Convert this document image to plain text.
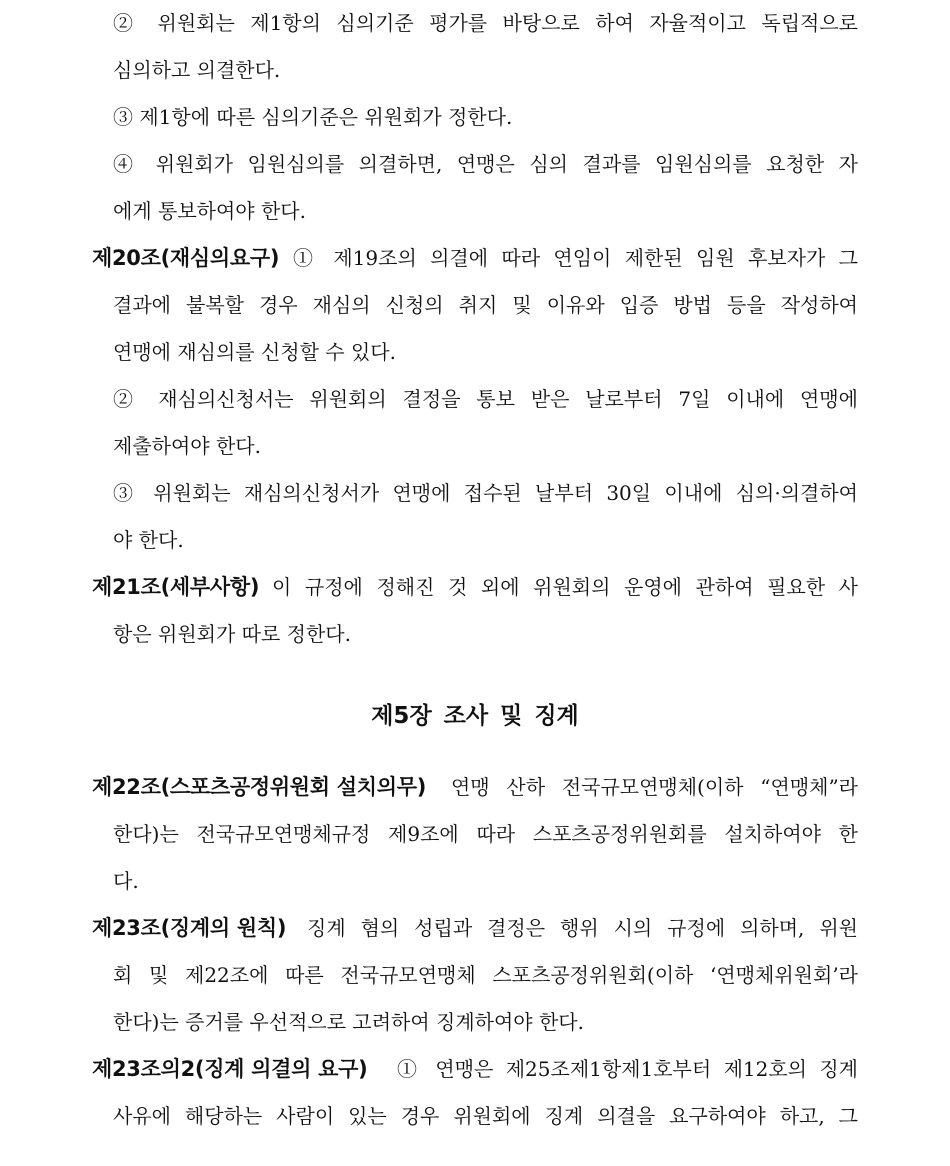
② 위원회는 제1항의 심의기준 평가를 바탕으로 하여 자율적이고 독립적으로
심의하고 의결한다.
③ 제1항에 따른 심의기준은 위원회가 정한다.
④ 위원회가 임원심의를 의결하면, 연맹은 심의 결과를 임원심의를 요청한 자
에게 통보하여야 한다.
제20조(재심의요구) ① 제19조의 의결에 따라 연임이 제한된 임원 후보자가 그
결과에 불복할 경우 재심의 신청의 취지 및 이유와 입증 방법 등을 작성하여
연맹에 재심의를 신청할 수 있다.
② 재심의신청서는 위원회의 결정을 통보 받은 날로부터 7일 이내에 연맹에
제출하여야 한다.
③ 위원회는 재심의신청서가 연맹에 접수된 날부터 30일 이내에 심의·의결하여
야 한다.
제21조(세부사항) 이 규정에 정해진 것 외에 위원회의 운영에 관하여 필요한 사
항은 위원회가 따로 정한다.
제5장 조사 및 징계
제22조(스포츠공정위원회 설치의무) 연맹 산하 전국규모연맹체(이하 “연맹체”라
한다)는 전국규모연맹체규정 제9조에 따라 스포츠공정위원회를 설치하여야 한
다.
제23조(징계의 원칙) 징계 혐의 성립과 결정은 행위 시의 규정에 의하며, 위원
회 및 제22조에 따른 전국규모연맹체 스포츠공정위원회(이하 ‘연맹체위원회’라
한다)는 증거를 우선적으로 고려하여 징계하여야 한다.
제23조의2(징계 의결의 요구) ① 연맹은 제25조제1항제1호부터 제12호의 징계
사유에 해당하는 사람이 있는 경우 위원회에 징계 의결을 요구하여야 하고, 그
